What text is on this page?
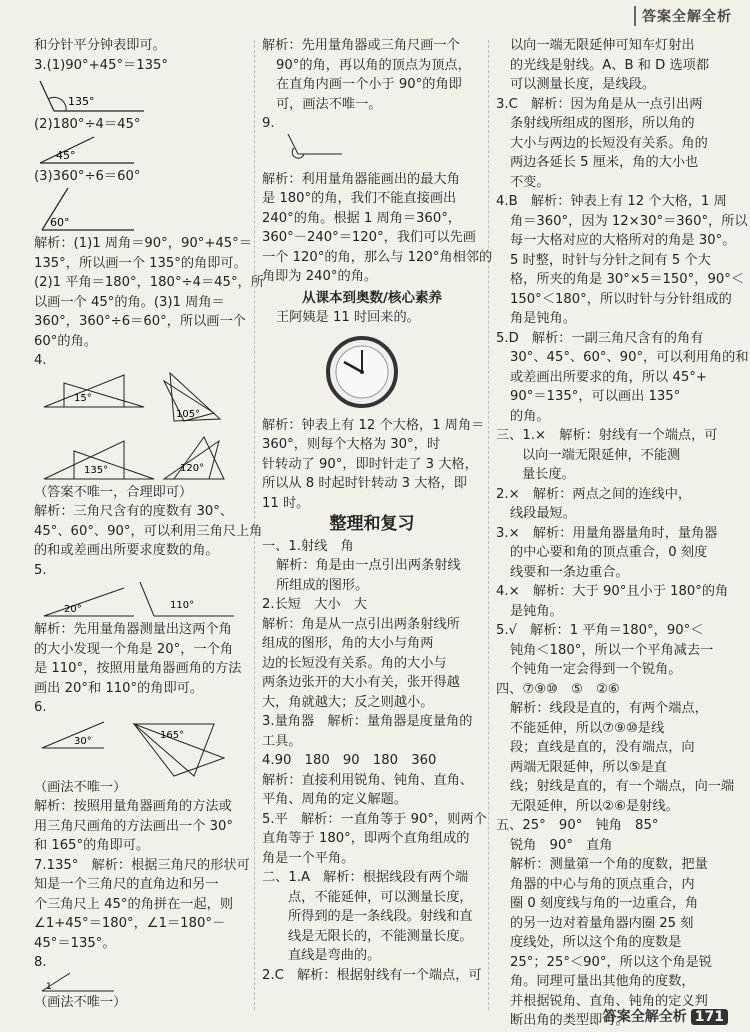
答案全解全析
和分针平分钟表即可。
3.(1)90°+45°＝135°
135°
(2)180°÷4＝45°
45°
(3)360°÷6＝60°
60°
解析：(1)1 周角＝90°，90°+45°＝
135°，所以画一个 135°的角即可。
(2)1 平角＝180°，180°÷4＝45°，所
以画一个 45°的角。(3)1 周角＝
360°，360°÷6＝60°，所以画一个
60°的角。
4.
15°
105°
135°	120°
（答案不唯一，合理即可）
解析：三角尺含有的度数有 30°、
45°、60°、90°，可以利用三角尺上角
的和或差画出所要求度数的角。
5.
20°	110°
解析：先用量角器测量出这两个角
的大小发现一个角是 20°，一个角
是 110°，按照用量角器画角的方法
画出 20°和 110°的角即可。
6.
30°
165°
（画法不唯一）
解析：按照用量角器画角的方法或
用三角尺画角的方法画出一个 30°
和 165°的角即可。
7.135°　解析：根据三角尺的形状可
知是一个三角尺的直角边和另一
个三角尺上 45°的角拼在一起，则
∠1+45°＝180°，∠1＝180°－
45°＝135°。
8.
1
（画法不唯一）
解析：先用量角器或三角尺画一个
90°的角，再以角的顶点为顶点，
在直角内画一个小于 90°的角即
可，画法不唯一。
9.
解析：利用量角器能画出的最大角
是 180°的角，我们不能直接画出
240°的角。根据 1 周角＝360°，
360°－240°＝120°，我们可以先画
一个 120°的角，那么与 120°角相邻的
角即为 240°的角。
从课本到奥数/核心素养
王阿姨是 11 时回来的。
解析：钟表上有 12 个大格，1 周角＝
360°，则每个大格为 30°，时
针转动了 90°，即时针走了 3 大格，
所以从 8 时起时针转动 3 大格，即
11 时。
整理和复习
一、1.射线　角
解析：角是由一点引出两条射线
所组成的图形。
2.长短　大小　大
解析：角是从一点引出两条射线所
组成的图形，角的大小与角两
边的长短没有关系。角的大小与
两条边张开的大小有关，张开得越
大，角就越大；反之则越小。
3.量角器　解析：量角器是度量角的
工具。
4.90　180　90　180　360
解析：直接利用锐角、钝角、直角、
平角、周角的定义解题。
5.平　解析：一直角等于 90°，则两个
直角等于 180°，即两个直角组成的
角是一个平角。
二、1.A　解析：根据线段有两个端
点，不能延伸，可以测量长度，
所得到的是一条线段。射线和直
线是无限长的，不能测量长度。
直线是弯曲的。
2.C　解析：根据射线有一个端点，可
以向一端无限延伸可知车灯射出
的光线是射线。A、B 和 D 选项都
可以测量长度，是线段。
3.C　解析：因为角是从一点引出两
条射线所组成的图形，所以角的
大小与两边的长短没有关系。角的
两边各延长 5 厘米，角的大小也
不变。
4.B　解析：钟表上有 12 个大格，1 周
角＝360°，因为 12×30°＝360°，所以
每一大格对应的大格所对的角是 30°。
5 时整，时针与分针之间有 5 个大
格，所夹的角是 30°×5＝150°，90°＜
150°＜180°，所以时针与分针组成的
角是钝角。
5.D　解析：一副三角尺含有的角有
30°、45°、60°、90°，可以利用角的和
或差画出所要求的角，所以 45°+
90°＝135°，可以画出 135°
的角。
三、1.×　解析：射线有一个端点，可
以向一端无限延伸，不能测
量长度。
2.×　解析：两点之间的连线中，
线段最短。
3.×　解析：用量角器量角时，量角器
的中心要和角的顶点重合，0 刻度
线要和一条边重合。
4.×　解析：大于 90°且小于 180°的角
是钝角。
5.√　解析：1 平角＝180°，90°＜
钝角＜180°，所以一个平角减去一
个钝角一定会得到一个锐角。
四、⑦⑨⑩　⑤　②⑥
解析：线段是直的，有两个端点，
不能延伸，所以⑦⑨⑩是线
段；直线是直的，没有端点，向
两端无限延伸，所以⑤是直
线；射线是直的，有一个端点，向一端
无限延伸，所以②⑥是射线。
五、25°　90°　钝角　85°
锐角　90°　直角
解析：测量第一个角的度数，把量
角器的中心与角的顶点重合，内
圈 0 刻度线与角的一边重合，角
的另一边对着量角器内圈 25 刻
度线处，所以这个角的度数是
25°；25°＜90°，所以这个角是锐
角。同理可量出其他角的度数，
并根据锐角、直角、钝角的定义判
断出角的类型即可。
答案全解全析 171
